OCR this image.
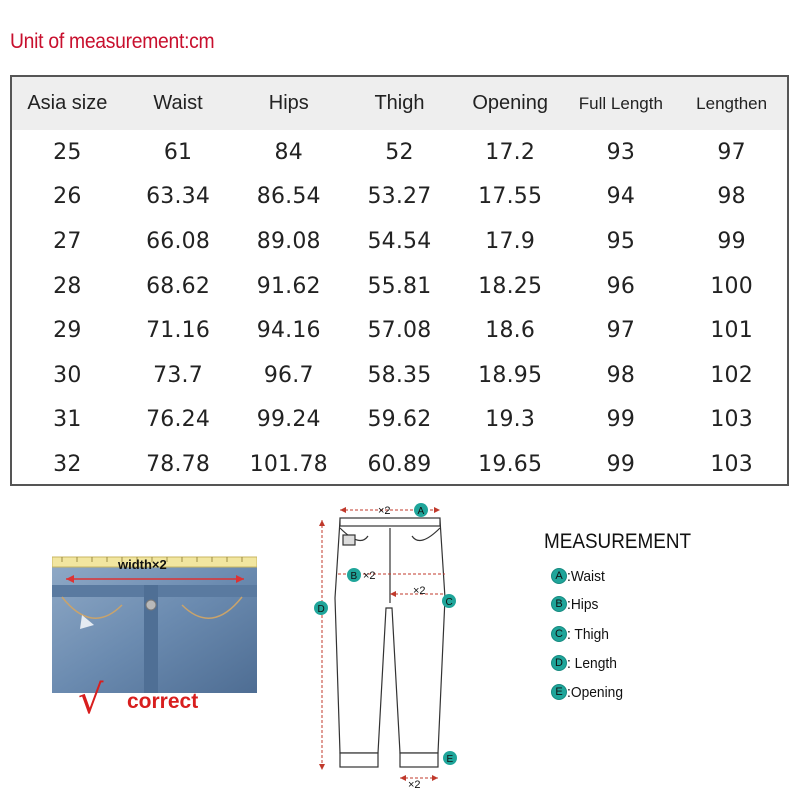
Unit of measurement:cm
Asia size	Waist	Hips	Thigh	Opening	Full Length	Lengthen
25	61	84	52	17.2	93	97
26	63.34	86.54	53.27	17.55	94	98
27	66.08	89.08	54.54	17.9	95	99
28	68.62	91.62	55.81	18.25	96	100
29	71.16	94.16	57.08	18.6	97	101
30	73.7	96.7	58.35	18.95	98	102
31	76.24	99.24	59.62	19.3	99	103
32	78.78	101.78	60.89	19.65	99	103
width×2
√ correct
×2	A
B ×2
×2
C
D
E
×2
MEASUREMENT
A :Waist
B :Hips
C : Thigh
D : Length
E :Opening
